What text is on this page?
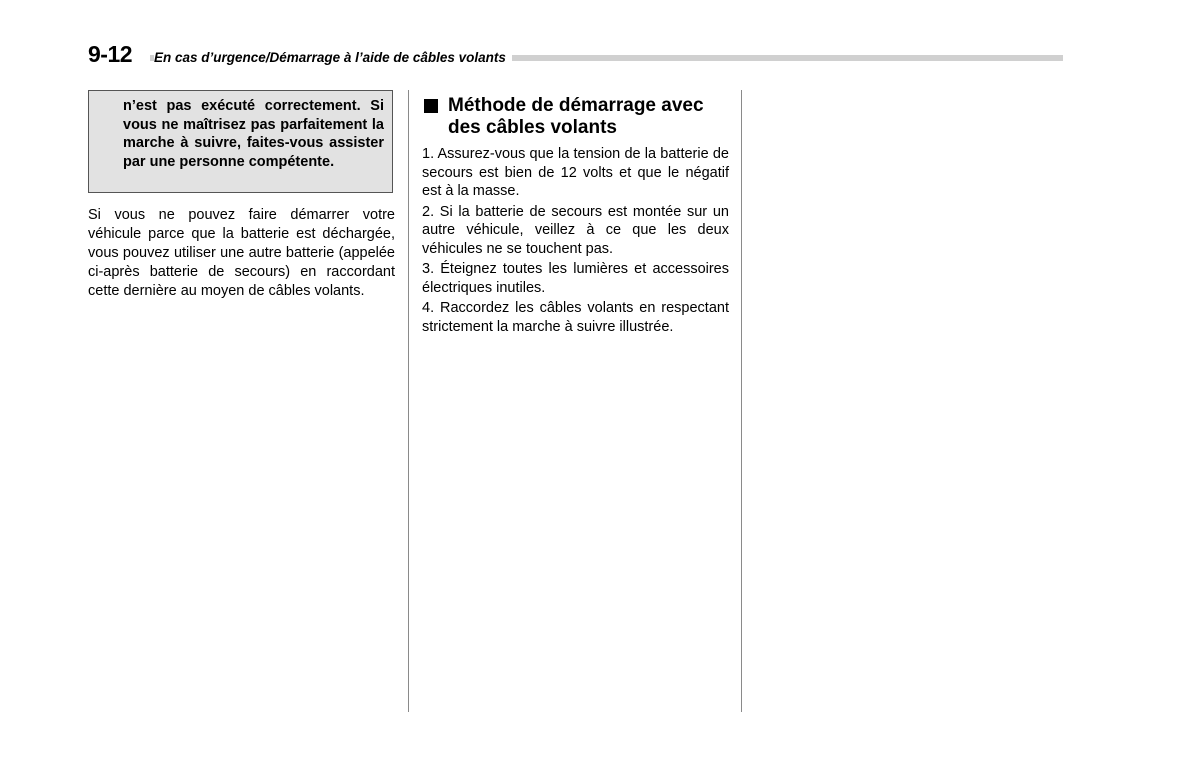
9-12 En cas d’urgence/Démarrage à l’aide de câbles volants

n’est pas exécuté correctement. Si vous ne maîtrisez pas parfaitement la marche à suivre, faites-vous assister par une personne compétente.

Si vous ne pouvez faire démarrer votre véhicule parce que la batterie est déchargée, vous pouvez utiliser une autre batterie (appelée ci-après batterie de secours) en raccordant cette dernière au moyen de câbles volants.

Méthode de démarrage avec des câbles volants
1. Assurez-vous que la tension de la batterie de secours est bien de 12 volts et que le négatif est à la masse.
2. Si la batterie de secours est montée sur un autre véhicule, veillez à ce que les deux véhicules ne se touchent pas.
3. Éteignez toutes les lumières et accessoires électriques inutiles.
4. Raccordez les câbles volants en respectant strictement la marche à suivre illustrée.
